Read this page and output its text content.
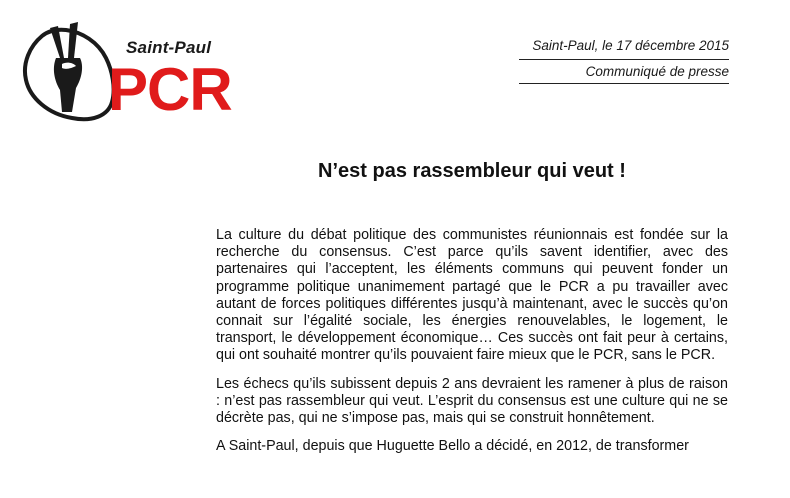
Saint-Paul
PCR
Saint-Paul, le 17 décembre 2015
Communiqué de presse
N’est pas rassembleur qui veut !

La culture du débat politique des communistes réunionnais est fondée sur la recherche du consensus. C’est parce qu’ils savent identifier, avec des partenaires qui l’acceptent, les éléments communs qui peuvent fonder un programme politique unanimement partagé que le PCR a pu travailler avec autant de forces politiques différentes jusqu’à maintenant, avec le succès qu’on connait sur l’égalité sociale, les énergies renouvelables, le logement, le transport, le développement économique… Ces succès ont fait peur à certains, qui ont souhaité montrer qu’ils pouvaient faire mieux que le PCR, sans le PCR.

Les échecs qu’ils subissent depuis 2 ans devraient les ramener à plus de raison : n’est pas rassembleur qui veut. L’esprit du consensus est une culture qui ne se décrète pas, qui ne s’impose pas, mais qui se construit honnêtement.

A Saint-Paul, depuis que Huguette Bello a décidé, en 2012, de transformer
